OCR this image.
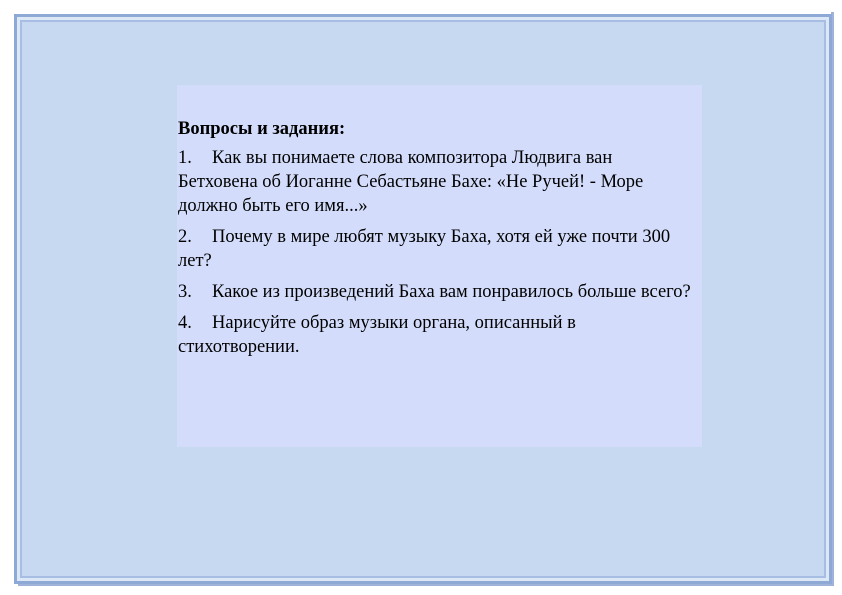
Вопросы и задания:

1. Как вы понимаете слова композитора Людвига ван Бетховена об Иоганне Себастьяне Бахе: «Не Ручей! - Море должно быть его имя...»

2. Почему в мире любят музыку Баха, хотя ей уже почти 300 лет?

3. Какое из произведений Баха вам понравилось больше всего?

4. Нарисуйте образ музыки органа, описанный в стихотворении.
